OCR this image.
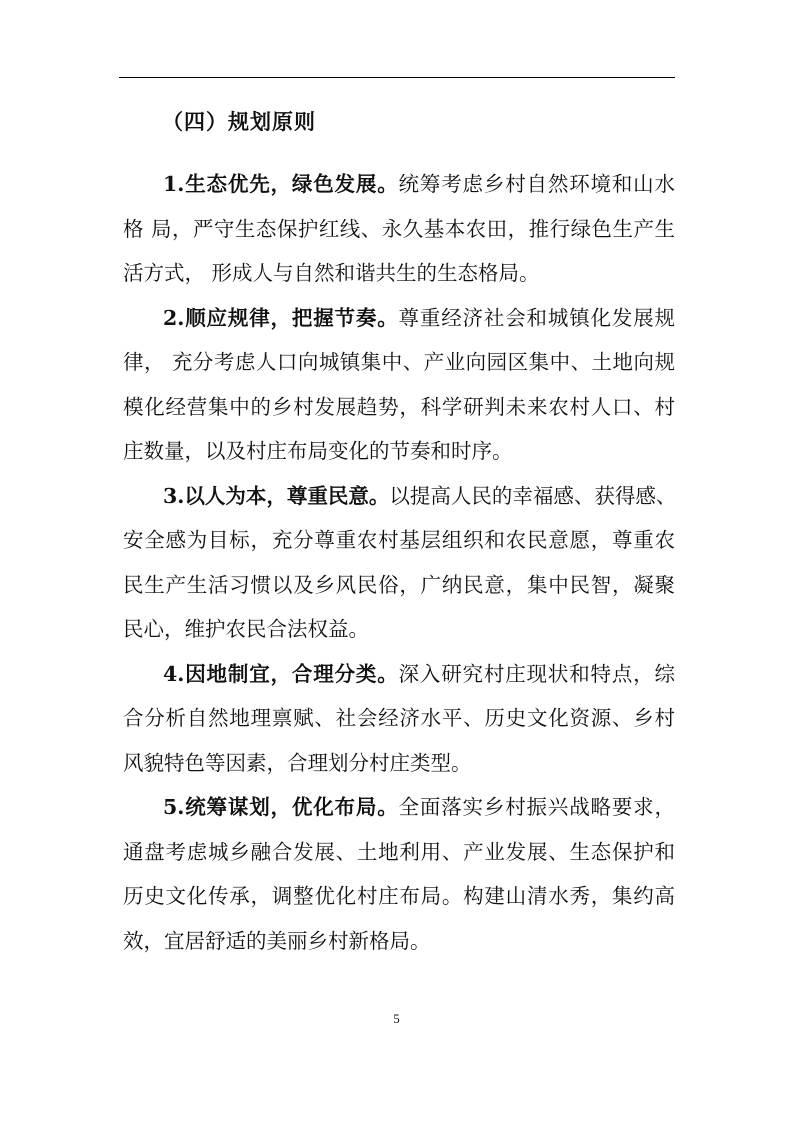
（四）规划原则
1.生态优先，绿色发展。统筹考虑乡村自然环境和山水
格 局，严守生态保护红线、永久基本农田，推行绿色生产生
活方式， 形成人与自然和谐共生的生态格局。
2.顺应规律，把握节奏。尊重经济社会和城镇化发展规
律， 充分考虑人口向城镇集中、产业向园区集中、土地向规
模化经营集中的乡村发展趋势，科学研判未来农村人口、村
庄数量，以及村庄布局变化的节奏和时序。
3.以人为本，尊重民意。以提高人民的幸福感、获得感、
安全感为目标，充分尊重农村基层组织和农民意愿，尊重农
民生产生活习惯以及乡风民俗，广纳民意，集中民智，凝聚
民心，维护农民合法权益。
4.因地制宜，合理分类。深入研究村庄现状和特点，综
合分析自然地理禀赋、社会经济水平、历史文化资源、乡村
风貌特色等因素，合理划分村庄类型。
5.统筹谋划，优化布局。全面落实乡村振兴战略要求，
通盘考虑城乡融合发展、土地利用、产业发展、生态保护和
历史文化传承，调整优化村庄布局。构建山清水秀，集约高
效，宜居舒适的美丽乡村新格局。
5
